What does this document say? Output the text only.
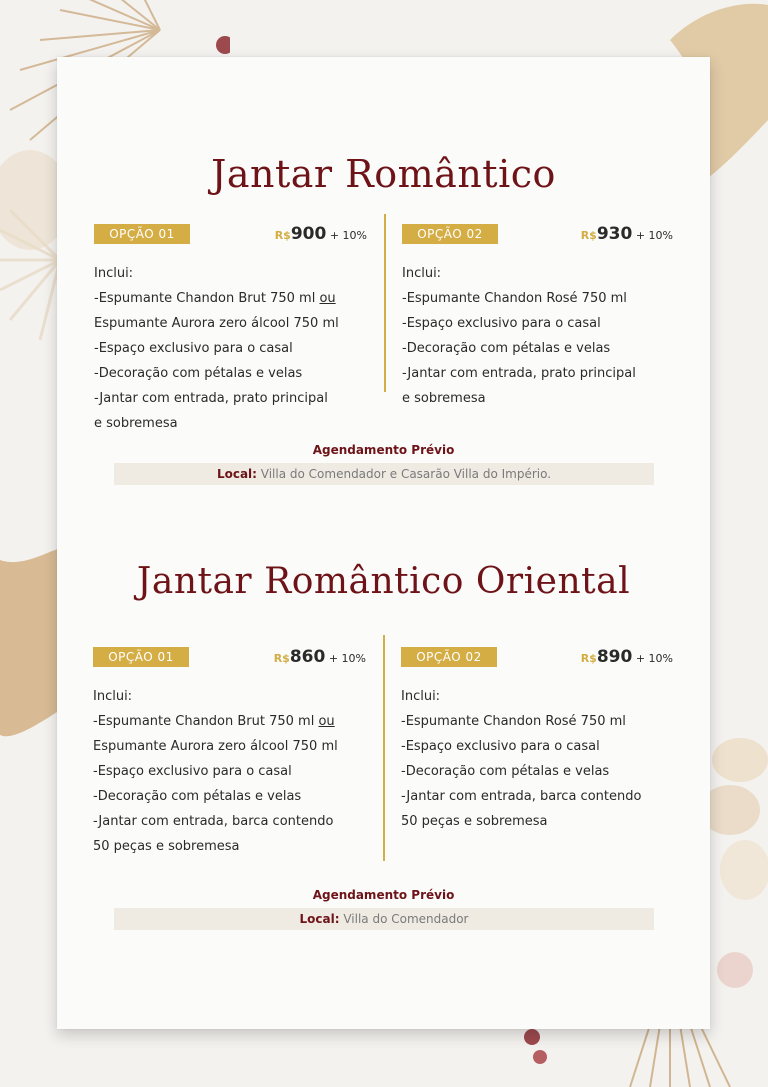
Jantar Romântico
OPÇÃO 01	R$900 + 10%
Inclui:
-Espumante Chandon Brut 750 ml ou
Espumante Aurora zero álcool 750 ml
-Espaço exclusivo para o casal
-Decoração com pétalas e velas
-Jantar com entrada, prato principal
e sobremesa
OPÇÃO 02	R$930 + 10%
Inclui:
-Espumante Chandon Rosé 750 ml
-Espaço exclusivo para o casal
-Decoração com pétalas e velas
-Jantar com entrada, prato principal
e sobremesa
Agendamento Prévio
Local: Villa do Comendador e Casarão Villa do Império.
Jantar Romântico Oriental
OPÇÃO 01	R$860 + 10%
Inclui:
-Espumante Chandon Brut 750 ml ou
Espumante Aurora zero álcool 750 ml
-Espaço exclusivo para o casal
-Decoração com pétalas e velas
-Jantar com entrada, barca contendo
50 peças e sobremesa
OPÇÃO 02	R$890 + 10%
Inclui:
-Espumante Chandon Rosé 750 ml
-Espaço exclusivo para o casal
-Decoração com pétalas e velas
-Jantar com entrada, barca contendo
50 peças e sobremesa
Agendamento Prévio
Local: Villa do Comendador
